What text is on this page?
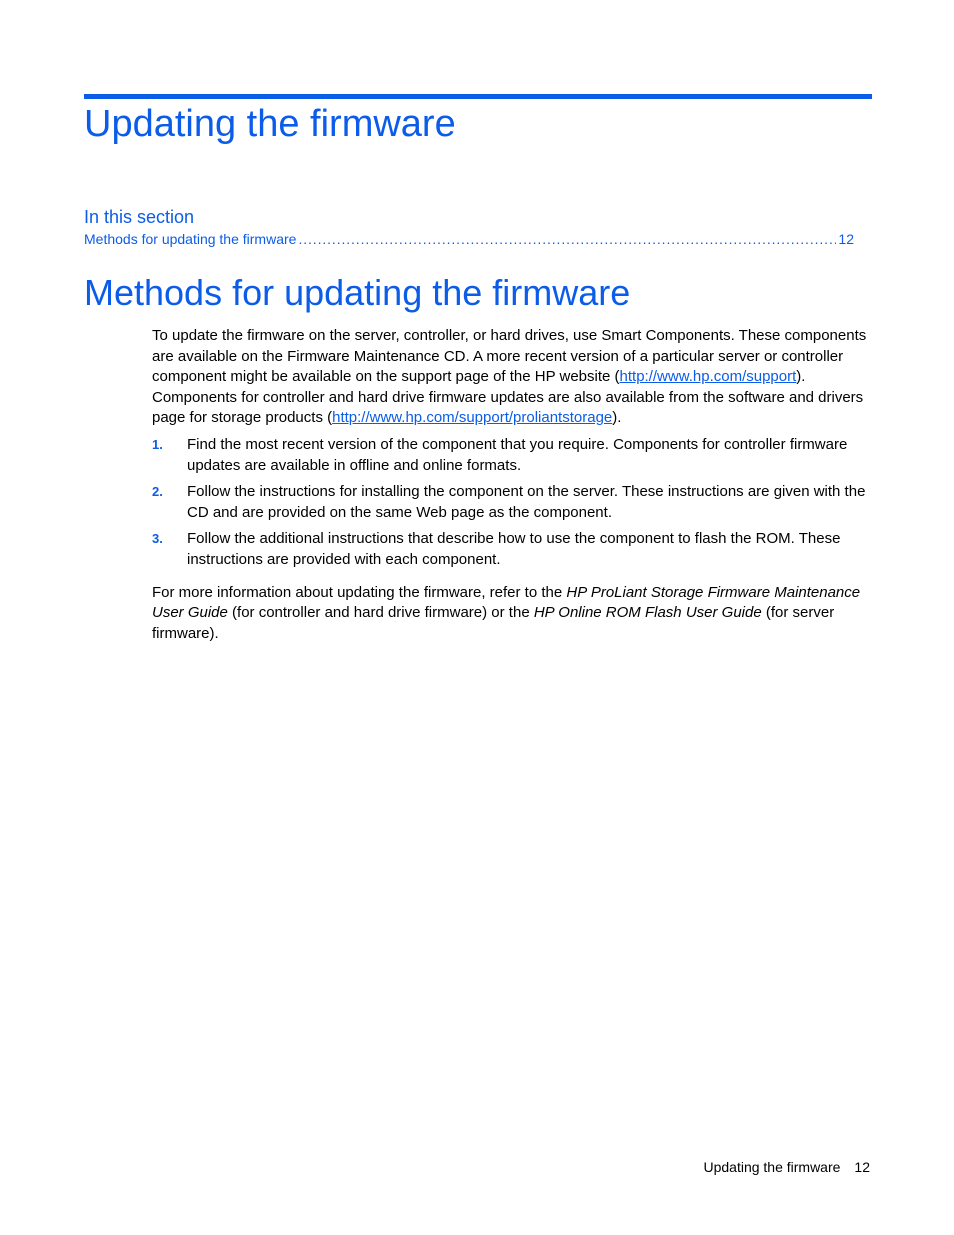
Updating the firmware
In this section
Methods for updating the firmware
. . .	12
Methods for updating the firmware

To update the firmware on the server, controller, or hard drives, use Smart Components. These components are available on the Firmware Maintenance CD. A more recent version of a particular server or controller component might be available on the support page of the HP website (http://www.hp.com/support). Components for controller and hard drive firmware updates are also available from the software and drivers page for storage products (http://www.hp.com/support/proliantstorage).

1. Find the most recent version of the component that you require. Components for controller firmware updates are available in offline and online formats.
2. Follow the instructions for installing the component on the server. These instructions are given with the CD and are provided on the same Web page as the component.
3. Follow the additional instructions that describe how to use the component to flash the ROM. These instructions are provided with each component.

For more information about updating the firmware, refer to the HP ProLiant Storage Firmware Maintenance User Guide (for controller and hard drive firmware) or the HP Online ROM Flash User Guide (for server firmware).

Updating the firmware 12
